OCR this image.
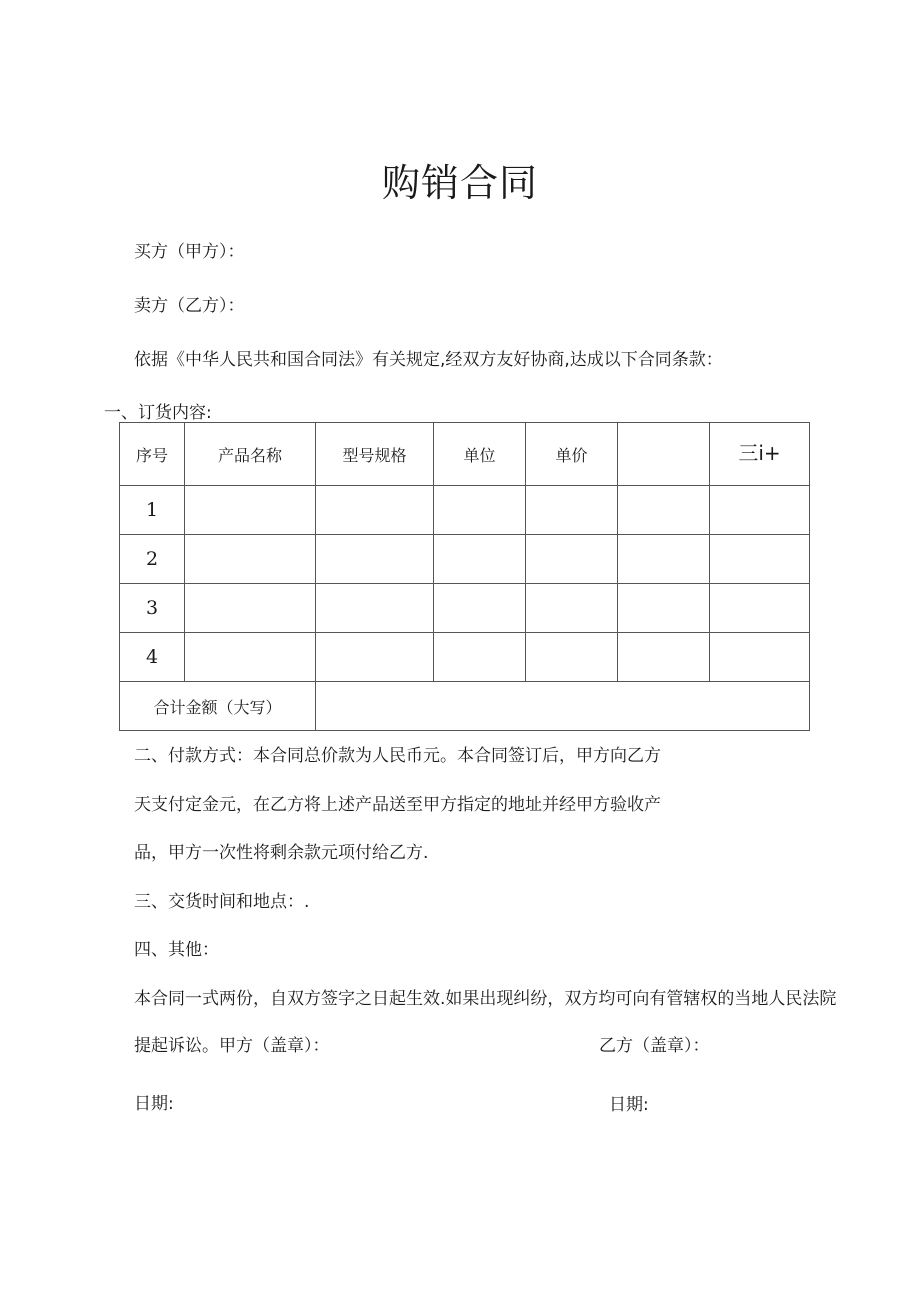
购销合同
买方（甲方）：
卖方（乙方）：
依据《中华人民共和国合同法》有关规定,经双方友好协商,达成以下合同条款：
一、订货内容:
序号	产品名称	型号规格	单位	单价		三i+
1						
2						
3						
4						
合计金额（大写）						
二、付款方式：本合同总价款为人民币元。本合同签订后，甲方向乙方
天支付定金元，在乙方将上述产品送至甲方指定的地址并经甲方验收产
品，甲方一次性将剩余款元项付给乙方.
三、交货时间和地点：.
四、其他：
本合同一式两份，自双方签字之日起生效.如果出现纠纷，双方均可向有管辖权的当地人民法院
提起诉讼。甲方（盖章）：	乙方（盖章）：
日期:	日期:
